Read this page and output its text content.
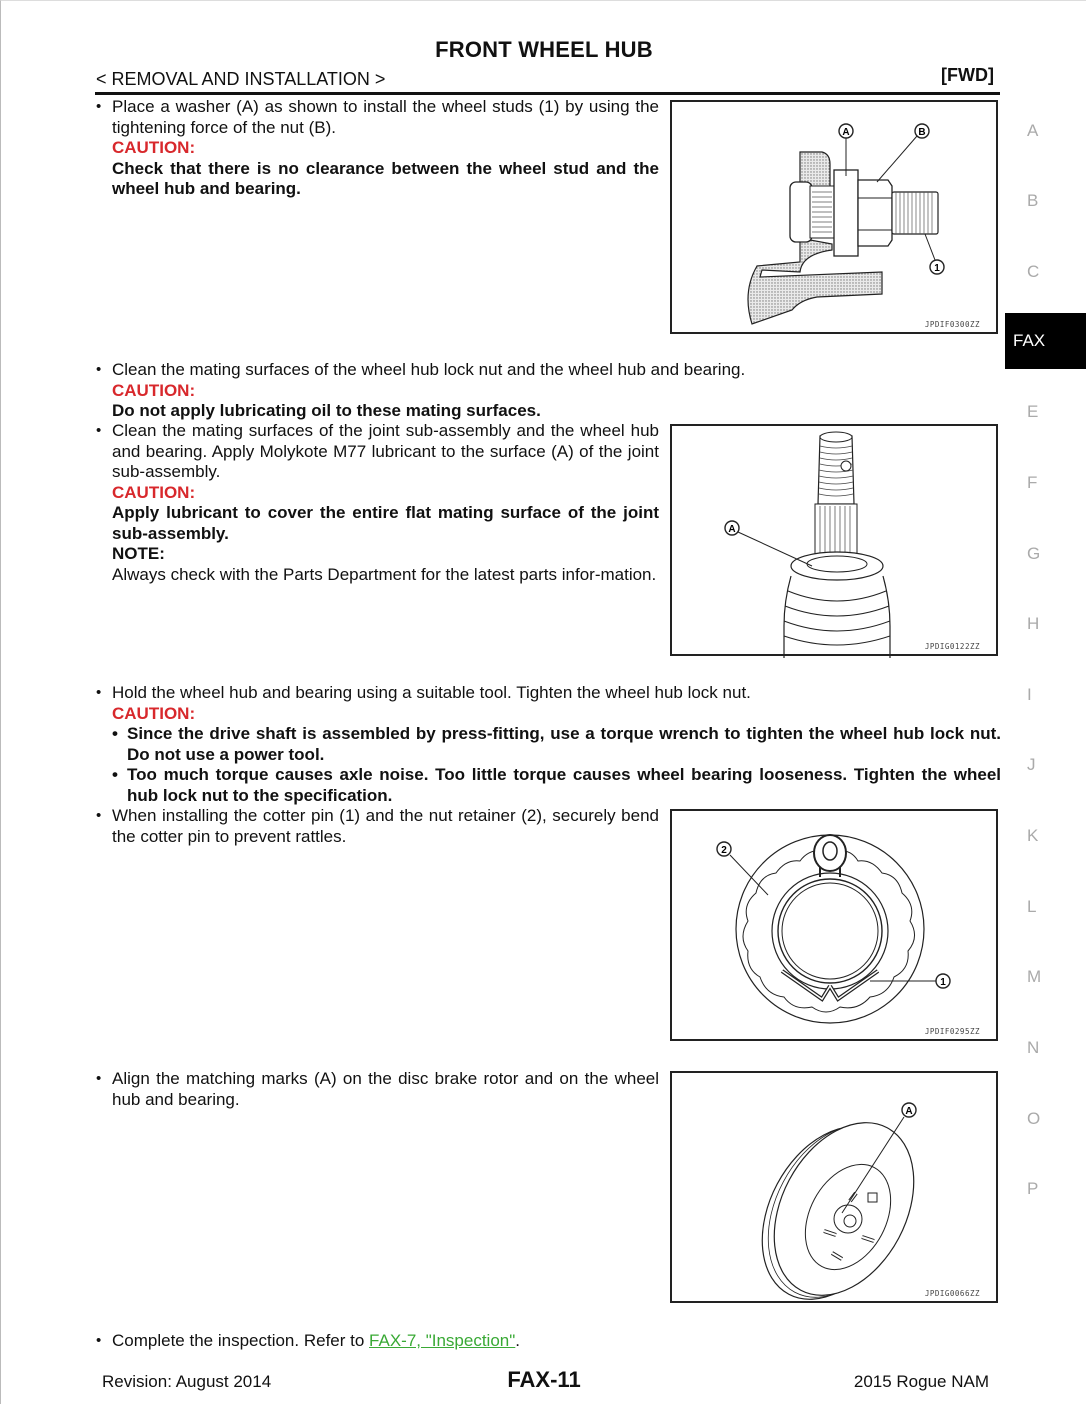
FRONT WHEEL HUB
< REMOVAL AND INSTALLATION >	[FWD]
• Place a washer (A) as shown to install the wheel studs (1) by using the tightening force of the nut (B).
CAUTION:
Check that there is no clearance between the wheel stud and the wheel hub and bearing.
A	B
1
JPDIF0300ZZ
• Clean the mating surfaces of the wheel hub lock nut and the wheel hub and bearing.
CAUTION:
Do not apply lubricating oil to these mating surfaces.
• Clean the mating surfaces of the joint sub-assembly and the wheel hub and bearing. Apply Molykote M77 lubricant to the surface (A) of the joint sub-assembly.
CAUTION:
Apply lubricant to cover the entire flat mating surface of the joint sub-assembly.
NOTE:
Always check with the Parts Department for the latest parts infor-mation.
A
JPDIG0122ZZ
• Hold the wheel hub and bearing using a suitable tool. Tighten the wheel hub lock nut.
CAUTION:
• Since the drive shaft is assembled by press-fitting, use a torque wrench to tighten the wheel hub lock nut. Do not use a power tool.
• Too much torque causes axle noise. Too little torque causes wheel bearing looseness. Tighten the wheel hub lock nut to the specification.
• When installing the cotter pin (1) and the nut retainer (2), securely bend the cotter pin to prevent rattles.
2
1
JPDIF0295ZZ
• Align the matching marks (A) on the disc brake rotor and on the wheel hub and bearing.
A
JPDIG0066ZZ
• Complete the inspection. Refer to FAX-7, "Inspection".
A
B
C
FAX
E
F
G
H
I
J
K
L
M
N
O
P
Revision: August 2014	FAX-11	2015 Rogue NAM
